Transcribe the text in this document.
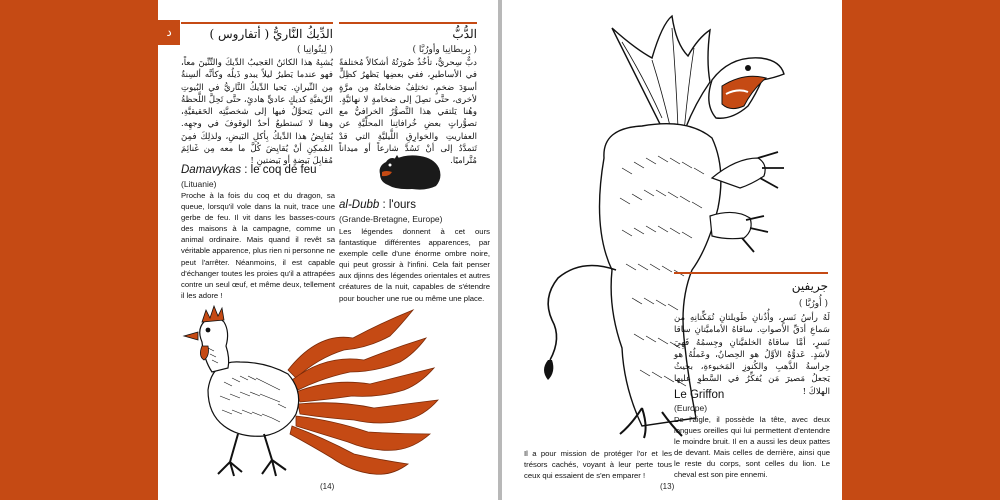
د	الدُّبُّ
( بِريطانِيا وأورُبَّا )
دبٌّ سِحريٌّ، تأخُذُ صُورَتُهُ أشكالاً مُختلفةً في الأساطيرِ، ففي بعضِها يَظهرُ كظِلٍّ أسوَدَ ضخمٍ، تختلِفُ ضخامتُهُ مِن مرَّةٍ لأخرى، حتَّى تصِلَ إلى ضخامةٍ لا نهائيَّةٍ. وهُنا يَلتقي هذا التَّصوُّرُ الخرافيُّ مع تصوُّراتٍ بعضِ خُرافاتِنا المحلِّيَّةِ عن العفاريتِ والخوارِقِ اللَّيليَّةِ التي قدْ تَتمدَّدُ إلى أنْ تَسُدَّ شارعاً أو ميداناً مُتَّراميًا.
al-Dubb : l'ours
(Grande-Bretagne, Europe)
Les légendes donnent à cet ours fantastique différentes apparences, par exemple celle d'une énorme ombre noire, qui peut grossir à l'infini. Cela fait penser aux djinns des légendes orientales et autres créatures de la nuit, capables de s'étendre pour boucher une rue ou même une place.
الدِّيكُ النَّاريُّ ( أتفاروس )
( لِيتُوانِيا )
يُشبِهُ هذا الكائنُ العَجيبُ الدِّيكَ والتِّنِّينَ معاً، فهو عندما يَطيرُ ليلاً يبدو ذَيلُه وكأنَّه ألسِنةٌ مِن النِّيرانِ. يَحيا الدِّيكُ النَّاريُّ في البُيوتِ الرِّيفيَّةِ كديكٍ عاديٍّ هادئٍ، حتَّى تَحِلَّ اللَّحظةُ التي يَتحوَّلُ فيها إلى شخصيَّتِه الحَقيقيَّةِ، وهنا لا تَستطيعُ أحدٌ الوقوفَ في وجهِه. يُقايِضُ هذا الدِّيكُ بِأكلِ البَيضِ، ولذلِكَ فمِنَ المُمكِنِ أنْ يُقايِضَ كُلَّ ما معه مِن غَنائِمَ مُقابِلَ بَيضةٍ أو بَيضتينِ !
Damavykas : le coq de feu
(Lituanie)
Proche à la fois du coq et du dragon, sa queue, lorsqu'il vole dans la nuit, trace une gerbe de feu. Il vit dans les basses-cours des maisons à la campagne, comme un animal ordinaire. Mais quand il revêt sa véritable apparence, plus rien ni personne ne peut l'arrêter. Néanmoins, il est capable d'échanger toutes les proies qu'il a attrapées contre un seul œuf, et même deux, tellement il les adore !
(14)
جريفين
( أُورُبَّا )
لَهُ رأسُ نَسرٍ، وأُذُنانِ طَويلتانِ تُمَكِّنانِهِ من سَماعِ أدَقِّ الأصواتِ. ساقاهُ الأماميَّتانِ ساقا نَسرٍ، أمَّا ساقاهُ الخلفيَّتانِ وجِسمُهُ فَهِيَ لأسَدٍ. عَدوُّهُ الأوَّلُ هو الحِصانُ، وعَملُهُ هو حِراسةُ الذَّهبِ والكُنوزِ المَخبوءةِ، بحيثُ يَجعلُ مَصيرَ مَن يُفكِّرُ في السَّطوِ عليها الهلاكَ !
Le Griffon
(Europe)
De l'aigle, il possède la tête, avec deux longues oreilles qui lui permettent d'entendre le moindre bruit. Il en a aussi les deux pattes de devant. Mais celles de derrière, ainsi que le reste du corps, sont celles du lion. Le cheval est son pire ennemi.
Il a pour mission de protéger l'or et les trésors cachés, voyant à leur perte tous ceux qui essaient de s'en emparer !
(13)
